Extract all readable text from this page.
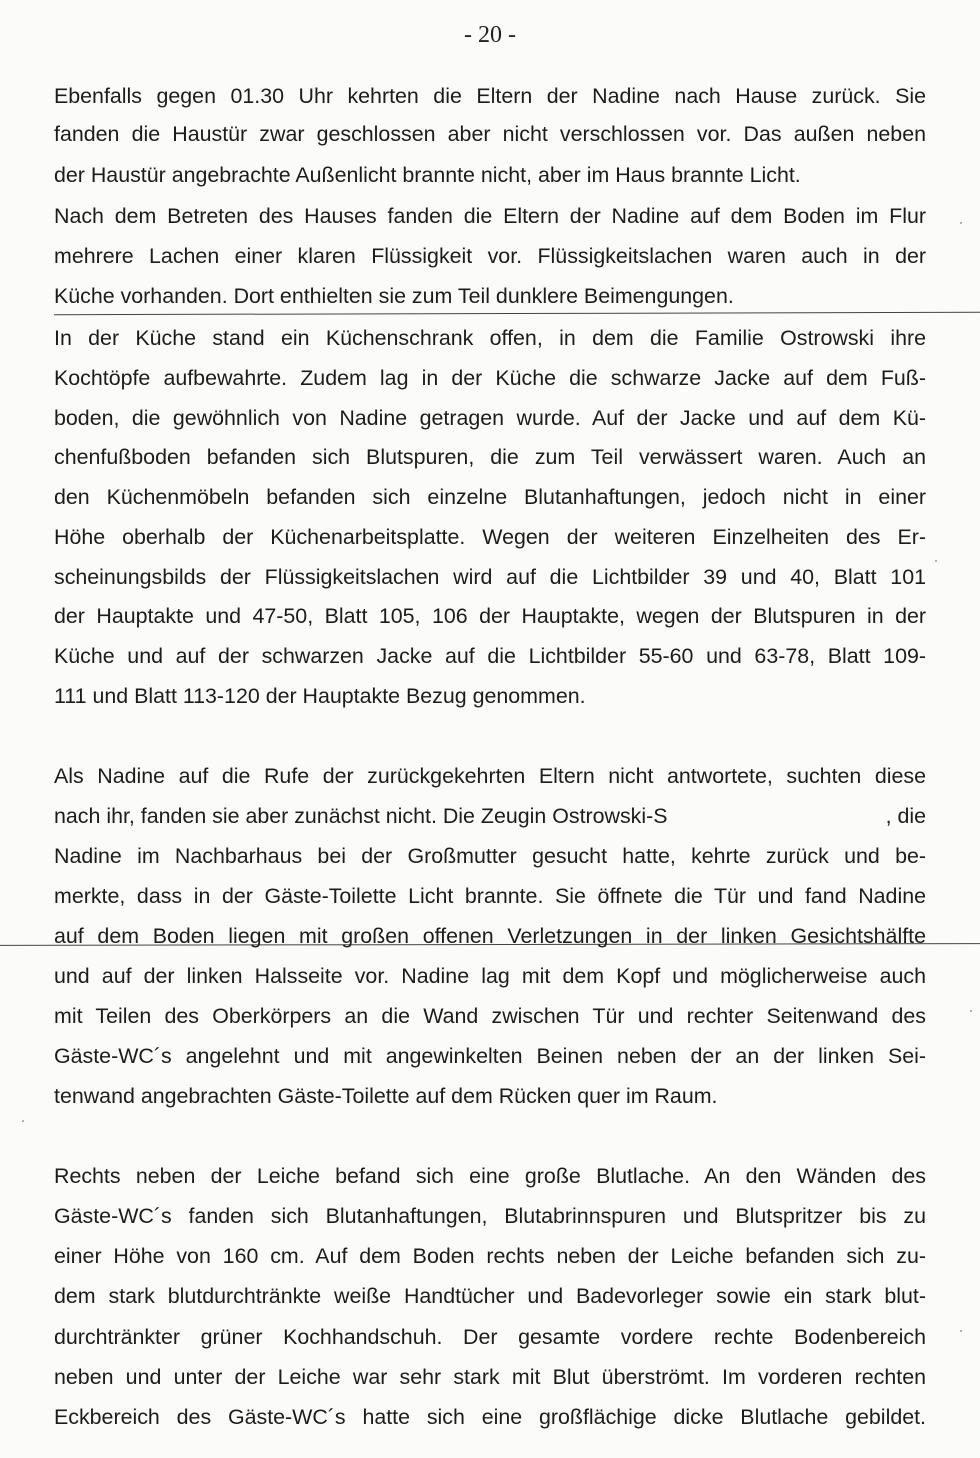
- 20 -
Ebenfalls gegen 01.30 Uhr kehrten die Eltern der Nadine nach Hause zurück. Sie
fanden die Haustür zwar geschlossen aber nicht verschlossen vor. Das außen neben
der Haustür angebrachte Außenlicht brannte nicht, aber im Haus brannte Licht.
Nach dem Betreten des Hauses fanden die Eltern der Nadine auf dem Boden im Flur
mehrere Lachen einer klaren Flüssigkeit vor. Flüssigkeitslachen waren auch in der
Küche vorhanden. Dort enthielten sie zum Teil dunklere Beimengungen.
In der Küche stand ein Küchenschrank offen, in dem die Familie Ostrowski ihre
Kochtöpfe aufbewahrte. Zudem lag in der Küche die schwarze Jacke auf dem Fuß-
boden, die gewöhnlich von Nadine getragen wurde. Auf der Jacke und auf dem Kü-
chenfußboden befanden sich Blutspuren, die zum Teil verwässert waren. Auch an
den Küchenmöbeln befanden sich einzelne Blutanhaftungen, jedoch nicht in einer
Höhe oberhalb der Küchenarbeitsplatte. Wegen der weiteren Einzelheiten des Er-
scheinungsbilds der Flüssigkeitslachen wird auf die Lichtbilder 39 und 40, Blatt 101
der Hauptakte und 47-50, Blatt 105, 106 der Hauptakte, wegen der Blutspuren in der
Küche und auf der schwarzen Jacke auf die Lichtbilder 55-60 und 63-78, Blatt 109-
111 und Blatt 113-120 der Hauptakte Bezug genommen.
Als Nadine auf die Rufe der zurückgekehrten Eltern nicht antwortete, suchten diese
nach ihr, fanden sie aber zunächst nicht. Die Zeugin Ostrowski-S	, die
Nadine im Nachbarhaus bei der Großmutter gesucht hatte, kehrte zurück und be-
merkte, dass in der Gäste-Toilette Licht brannte. Sie öffnete die Tür und fand Nadine
auf dem Boden liegen mit großen offenen Verletzungen in der linken Gesichtshälfte
und auf der linken Halsseite vor. Nadine lag mit dem Kopf und möglicherweise auch
mit Teilen des Oberkörpers an die Wand zwischen Tür und rechter Seitenwand des
Gäste-WC´s angelehnt und mit angewinkelten Beinen neben der an der linken Sei-
tenwand angebrachten Gäste-Toilette auf dem Rücken quer im Raum.
Rechts neben der Leiche befand sich eine große Blutlache. An den Wänden des
Gäste-WC´s fanden sich Blutanhaftungen, Blutabrinnspuren und Blutspritzer bis zu
einer Höhe von 160 cm. Auf dem Boden rechts neben der Leiche befanden sich zu-
dem stark blutdurchtränkte weiße Handtücher und Badevorleger sowie ein stark blut-
durchtränkter grüner Kochhandschuh. Der gesamte vordere rechte Bodenbereich
neben und unter der Leiche war sehr stark mit Blut überströmt. Im vorderen rechten
Eckbereich des Gäste-WC´s hatte sich eine großflächige dicke Blutlache gebildet.
